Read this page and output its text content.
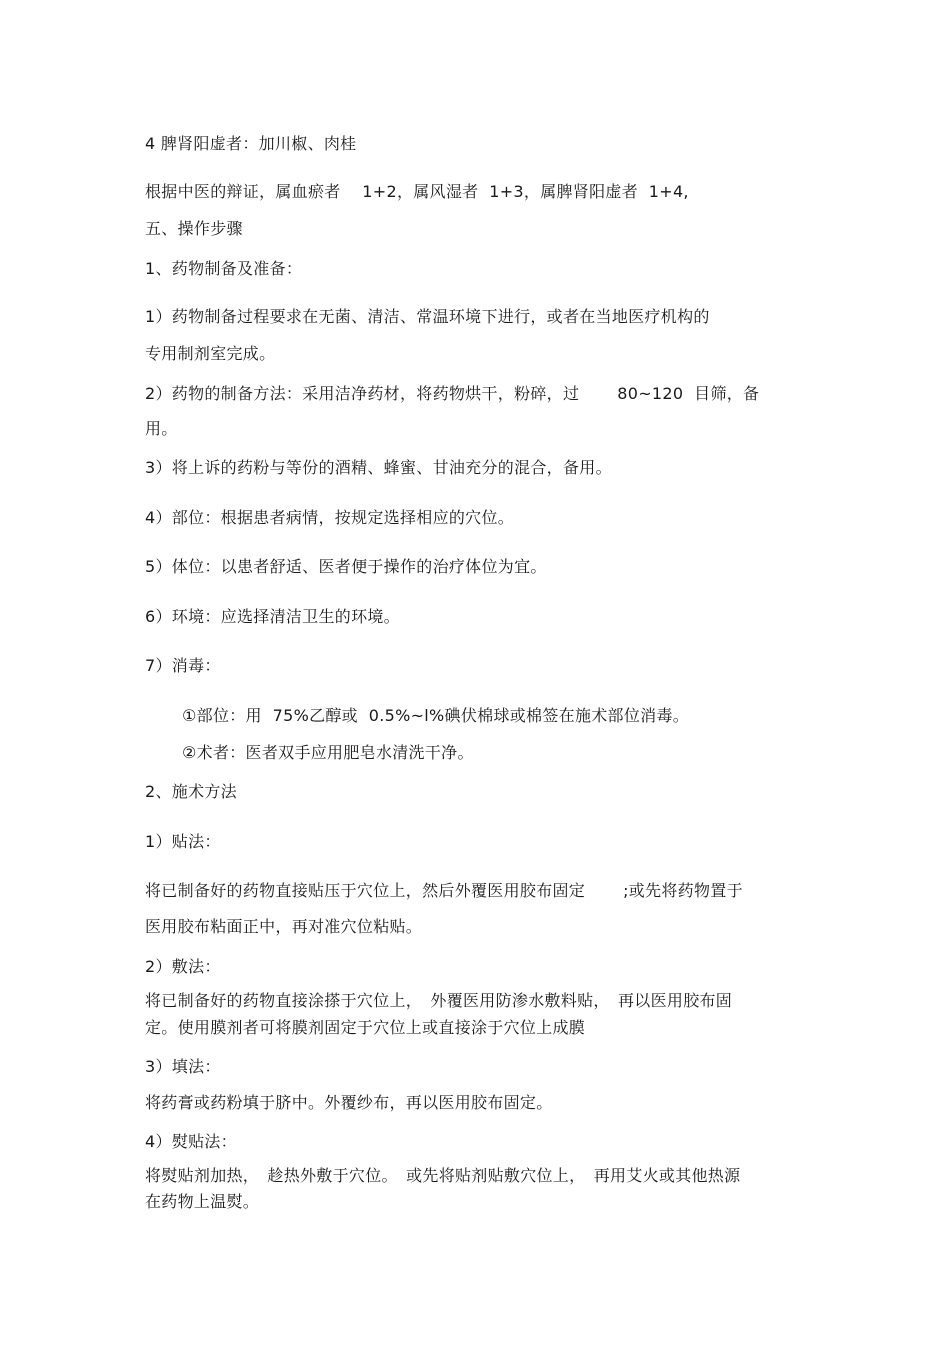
4 脾肾阳虚者：加川椒、肉桂
根据中医的辩证，属血瘀者　 1+2，属风湿者  1+3，属脾肾阳虚者  1+4,
五、操作步骤
1、药物制备及准备：
1）药物制备过程要求在无菌、清洁、常温环境下进行，或者在当地医疗机构的
专用制剂室完成。
2）药物的制备方法：采用洁净药材，将药物烘干，粉碎，过　　 80~120  目筛，备
用。
3）将上诉的药粉与等份的酒精、蜂蜜、甘油充分的混合，备用。
4）部位：根据患者病情，按规定选择相应的穴位。
5）体位：以患者舒适、医者便于操作的治疗体位为宜。
6）环境：应选择清洁卫生的环境。
7）消毒：
①部位：用  75%乙醇或  0.5%~l%碘伏棉球或棉签在施术部位消毒。
②术者：医者双手应用肥皂水清洗干净。
2、施术方法
1）贴法：
将已制备好的药物直接贴压于穴位上，然后外覆医用胶布固定　　 ;或先将药物置于
医用胶布粘面正中，再对准穴位粘贴。
2）敷法：
将已制备好的药物直接涂搽于穴位上，　外覆医用防渗水敷料贴，　再以医用胶布固
定。使用膜剂者可将膜剂固定于穴位上或直接涂于穴位上成膜
3）填法：
将药膏或药粉填于脐中。外覆纱布，再以医用胶布固定。
4）熨贴法：
将熨贴剂加热，　趁热外敷于穴位。　或先将贴剂贴敷穴位上，　再用艾火或其他热源
在药物上温熨。
